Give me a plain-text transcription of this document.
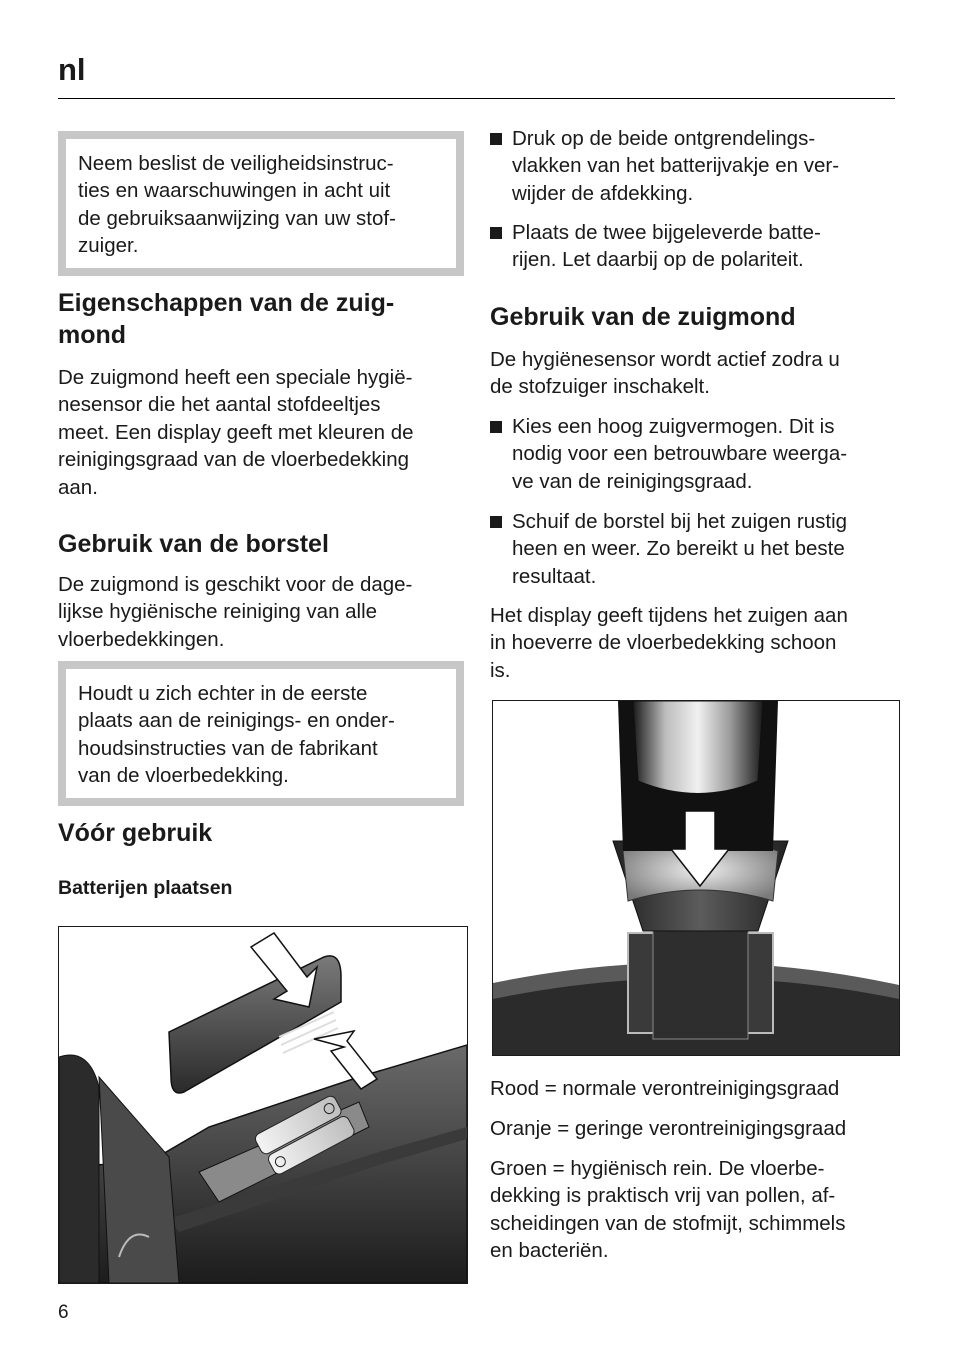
nl

Neem beslist de veiligheidsinstruc-
ties en waarschuwingen in acht uit
de gebruiksaanwijzing van uw stof-
zuiger.

Eigenschappen van de zuig-
mond

De zuigmond heeft een speciale hygië-
nesensor die het aantal stofdeeltjes
meet. Een display geeft met kleuren de
reinigingsgraad van de vloerbedekking
aan.

Gebruik van de borstel

De zuigmond is geschikt voor de dage-
lijkse hygiënische reiniging van alle
vloerbedekkingen.

Houdt u zich echter in de eerste
plaats aan de reinigings- en onder-
houdsinstructies van de fabrikant
van de vloerbedekking.

Vóór gebruik
Batterijen plaatsen

Druk op de beide ontgrendelings-
vlakken van het batterijvakje en ver-
wijder de afdekking.

Plaats de twee bijgeleverde batte-
rijen. Let daarbij op de polariteit.

Gebruik van de zuigmond

De hygiënesensor wordt actief zodra u
de stofzuiger inschakelt.

Kies een hoog zuigvermogen. Dit is
nodig voor een betrouwbare weerga-
ve van de reinigingsgraad.

Schuif de borstel bij het zuigen rustig
heen en weer. Zo bereikt u het beste
resultaat.

Het display geeft tijdens het zuigen aan
in hoeverre de vloerbedekking schoon
is.

Rood = normale verontreinigingsgraad

Oranje = geringe verontreinigingsgraad

Groen = hygiënisch rein. De vloerbe-
dekking is praktisch vrij van pollen, af-
scheidingen van de stofmijt, schimmels
en bacteriën.

6
